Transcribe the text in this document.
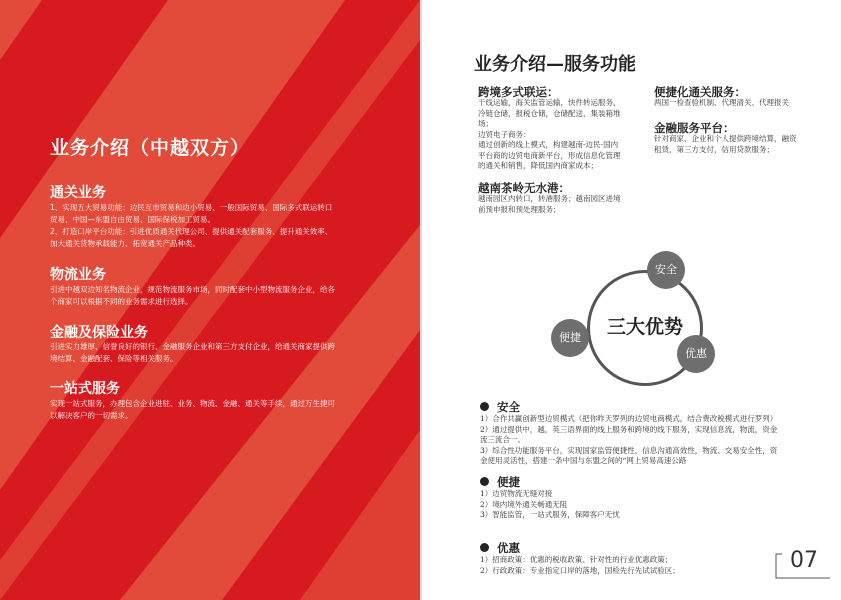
业务介绍（中越双方）
通关业务

1、实现五大贸易功能：边民互市贸易和边小贸易、一般国际贸易、国际多式联运转口

贸易、中国—东盟自由贸易、国际保税加工贸易。

2、打造口岸平台功能：引进优质通关代理公司、提供通关配套服务、提升通关效率、

加大通关货物承载能力、拓宽通关产品种类。

物流业务

引进中越双边知名物流企业，规范物流服务市场，同时配套中小型物流服务企业，给各

个商家可以根据不同的业务需求进行选择。

金融及保险业务

引进实力雄厚、信誉良好的银行、金融服务企业和第三方支付企业，给通关商家提供跨

境结算、金融配套、保险等相关服务。

一站式服务

实现一站式服务，办理包含企业进驻、业务、物流、金融、通关等手续，通过万生捷可

以解决客户的一切需求。

业务介绍—服务功能
跨境多式联运：

干线运输，海关监管运输，快件转运服务，

冷链仓储，报税仓储，仓储配送，集装箱堆

场；

边贸电子商务：

通过创新的线上模式，构建越南-边民-国内

平台商的边贸电商新平台，形成信息化管理

的通关和销售，降低国内商家成本；

越南茶岭无水港：

越南园区内转口，转港服务；越南园区进境

前预申报和预处理服务；

便捷化通关服务：

两国一检查验机制、代理清关、代理报关

金融服务平台：

针对商家、企业和个人提供跨境结算，融资

租赁，第三方支付，信用贷款服务；

三大优势
安全
便捷
优惠
安全

1）合作共赢创新型边贸模式（把你昨天罗列的边贸电商模式，结合费改税模式进行罗列）

2）通过提供中，越，英三语界面的线上服务和跨境的线下服务，实现信息流，物流，资金

流三流合一。

3）综合性功能服务平台，实现国家监管便捷性，信息沟通高效性，物流、交易安全性，资

金使用灵活性，搭建一条中国与东盟之间的“网上贸易高速公路

便捷

1）边贸物流无缝对接

2）境内境外通关畅通无阻

3）智能监管，一站式服务，保障客户无忧

优惠

1）招商政策：优惠的税收政策、针对性的行业优惠政策；

2）行政政策：专业指定口岸的落地，国检先行先试试验区；	07
